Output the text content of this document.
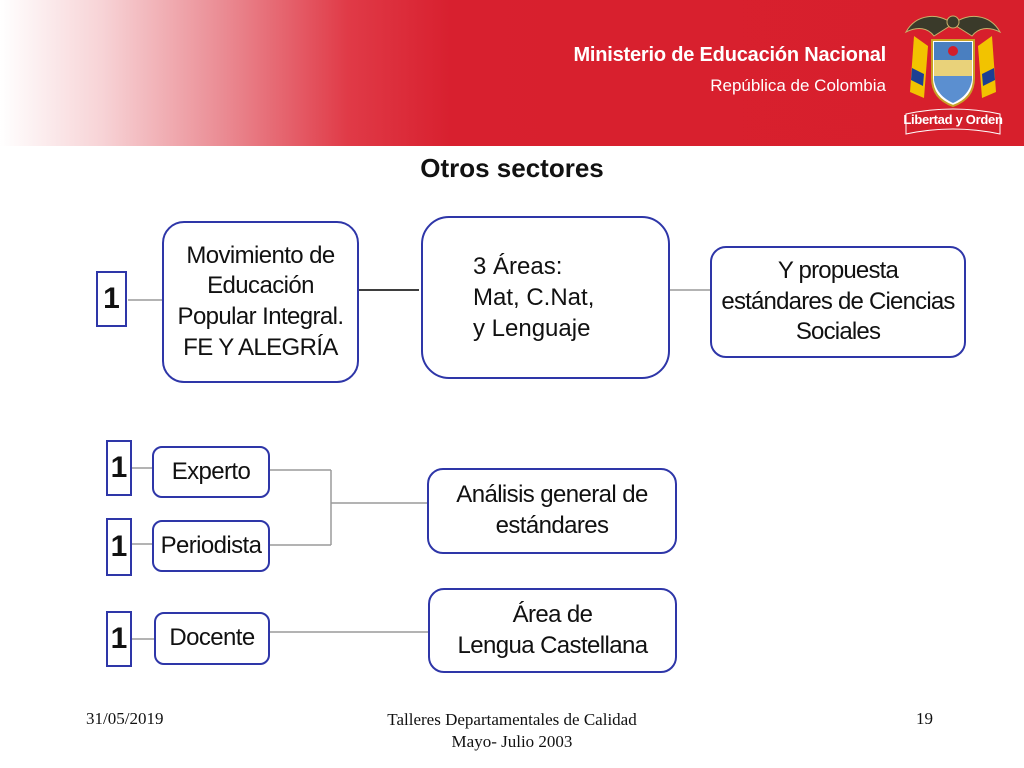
Ministerio de Educación Nacional
República de Colombia
Libertad y Orden
Otros sectores
1
Movimiento de
Educación
Popular Integral.
FE Y ALEGRÍA
3 Áreas:
Mat, C.Nat,
y Lenguaje
Y propuesta
estándares de Ciencias
Sociales
1	Experto
1	Periodista
Análisis general de
estándares
1	Docente
Área de
Lengua Castellana
31/05/2019	Talleres Departamentales de Calidad
Mayo- Julio 2003
19
